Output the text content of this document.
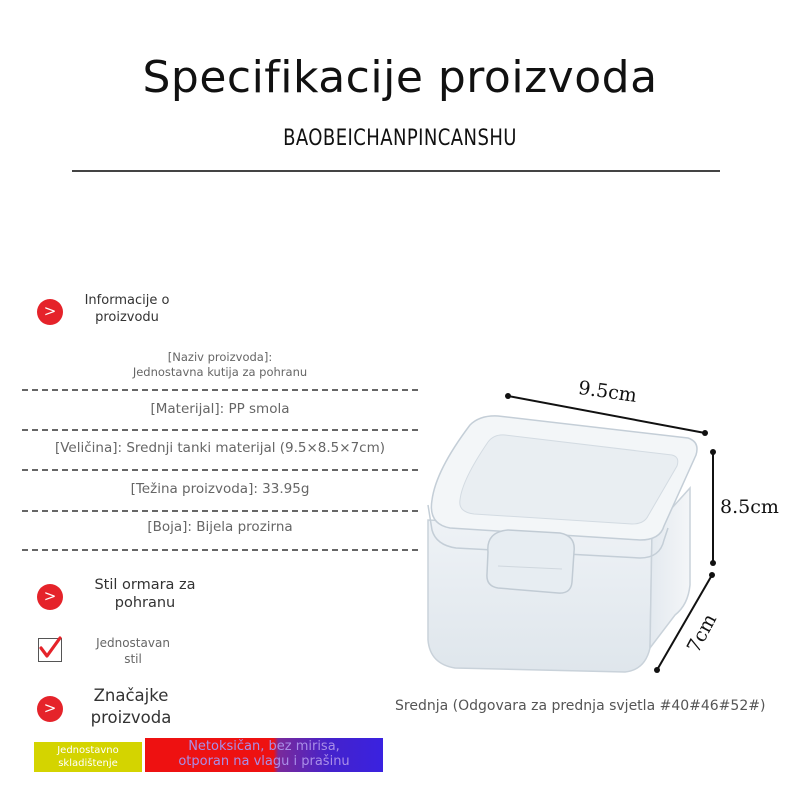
Specifikacije proizvoda
BAOBEICHANPINCANSHU
>
Informacije o
proizvodu
[Naziv proizvoda]:
Jednostavna kutija za pohranu
[Materijal]: PP smola
[Veličina]: Srednji tanki materijal (9.5×8.5×7cm)
[Težina proizvoda]: 33.95g
[Boja]: Bijela prozirna
>
Stil ormara za
pohranu
Jednostavan
stil
>
Značajke
proizvoda
Jednostavno
skladištenje
Netoksičan, bez mirisa,
otporan na vlagu i prašinu
9.5cm
8.5cm
7cm
Srednja (Odgovara za prednja svjetla #40#46#52#)
